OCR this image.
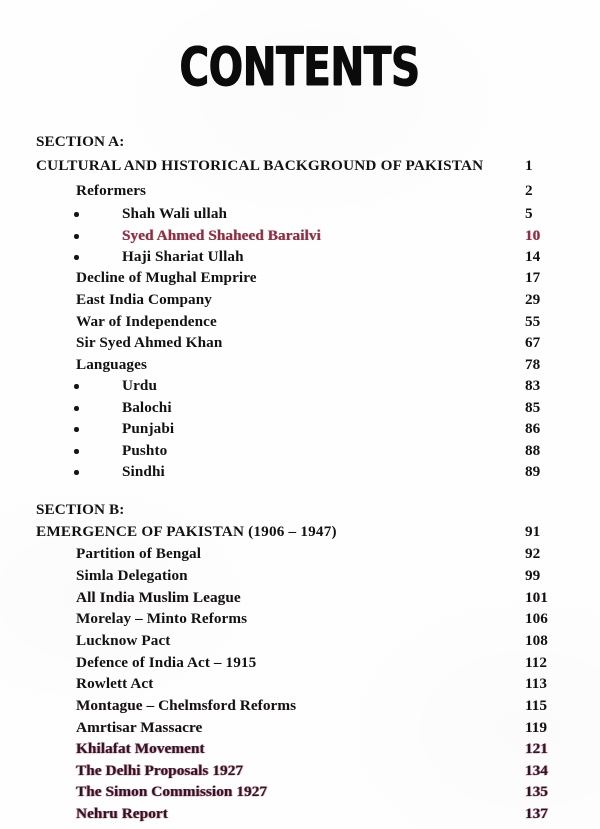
CONTENTS
SECTION A:
CULTURAL AND HISTORICAL BACKGROUND OF PAKISTAN	1
Reformers	2
Shah Wali ullah	5
Syed Ahmed Shaheed Barailvi	10
Haji Shariat Ullah	14
Decline of Mughal Emprire	17
East India Company	29
War of Independence	55
Sir Syed Ahmed Khan	67
Languages	78
Urdu	83
Balochi	85
Punjabi	86
Pushto	88
Sindhi	89
SECTION B:
EMERGENCE OF PAKISTAN (1906 – 1947)	91
Partition of Bengal	92
Simla Delegation	99
All India Muslim League	101
Morelay – Minto Reforms	106
Lucknow Pact	108
Defence of India Act – 1915	112
Rowlett Act	113
Montague – Chelmsford Reforms	115
Amrtisar Massacre	119
Khilafat Movement	121
The Delhi Proposals 1927	134
The Simon Commission 1927	135
Nehru Report	137
